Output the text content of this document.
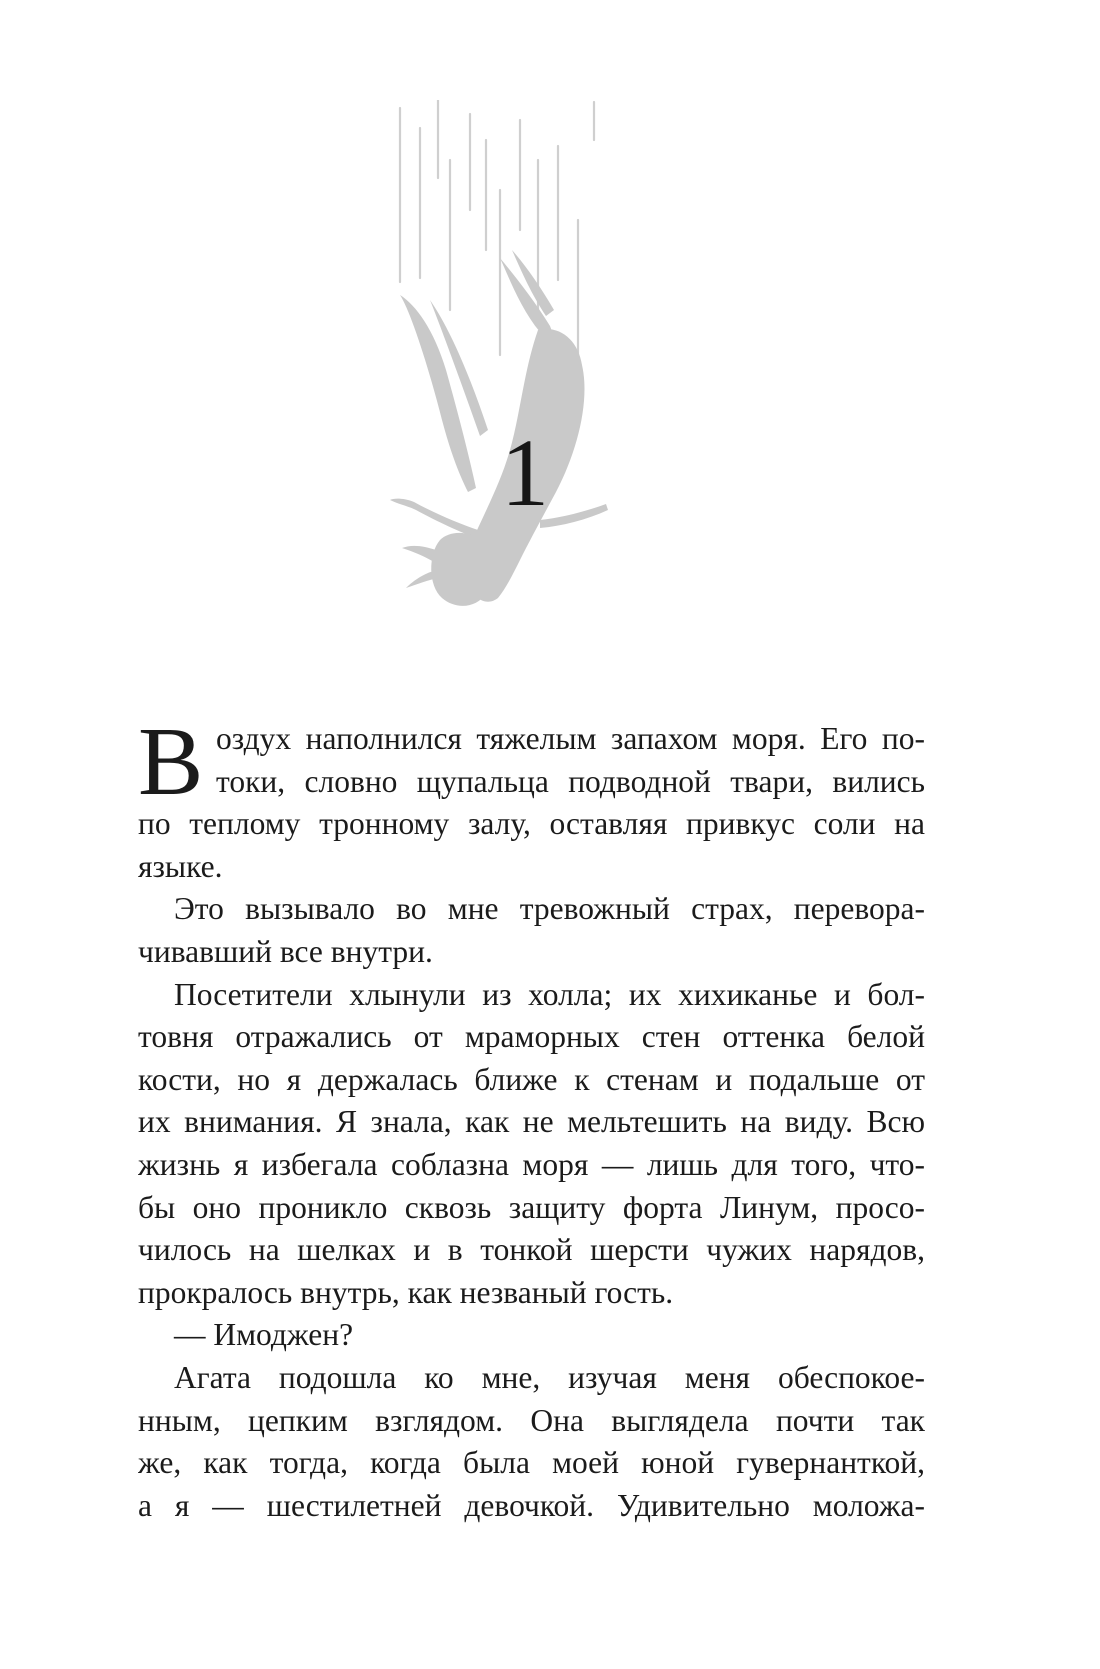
1
В оздух наполнился тяжелым запахом моря. Его по-
токи, словно щупальца подводной твари, вились
по теплому тронному залу, оставляя привкус соли на
языке.
Это вызывало во мне тревожный страх, перевора-
чивавший все внутри.
Посетители хлынули из холла; их хихиканье и бол-
товня отражались от мраморных стен оттенка белой
кости, но я держалась ближе к стенам и подальше от
их внимания. Я знала, как не мельтешить на виду. Всю
жизнь я избегала соблазна моря — лишь для того, что-
бы оно проникло сквозь защиту форта Линум, просо-
чилось на шелках и в тонкой шерсти чужих нарядов,
прокралось внутрь, как незваный гость.
— Имоджен?
Агата подошла ко мне, изучая меня обеспокое-
нным, цепким взглядом. Она выглядела почти так
же, как тогда, когда была моей юной гувернанткой,
а я — шестилетней девочкой. Удивительно моложа-
